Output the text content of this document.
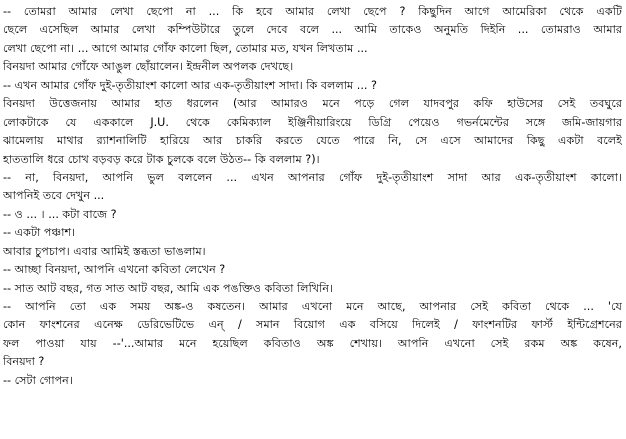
-- তোমরা আমার লেখা ছেপো না ... কি হবে আমার লেখা ছেপে ? কিছুদিন আগে আমেরিকা থেকে একটি
ছেলে এসেছিল আমার লেখা কম্পিউটারে তুলে দেবে বলে ... আমি তাকেও অনুমতি দিইনি ... তোমরাও আমার
লেখা ছেপো না। ... আগে আমার গোঁফ কালো ছিল, তোমার মত, যখন লিখতাম ...
বিনয়দা আমার গোঁফে আঙুল ছোঁয়ালেন। ইন্দ্রনীল অপলক দেখছে।
-- এখন আমার গোঁফ দুই-তৃতীয়াংশ কালো আর এক-তৃতীয়াংশ সাদা। কি বললাম ... ?
বিনয়দা উত্তেজনায় আমার হাত ধরলেন (আর আমারও মনে পড়ে গেল যাদবপুর কফি হাউসের সেই তবঘুরে
লোকটাকে যে এককালে J.U. থেকে কেমিক্যাল ইঞ্জিনীয়ারিংয়ে ডিগ্রি পেয়েও গভর্নমেন্টের সঙ্গে জমি-জায়গার
ঝামেলায় মাথার র‍্যাশনালিটি হারিয়ে আর চাকরি করতে যেতে পারে নি, সে এসে আমাদের কিছু একটা বলেই
হাততালি ধরে চোখ বড়বড় করে টাক চুলকে বলে উঠত-- কি বললাম ?)।
-- না, বিনয়দা, আপনি ভুল বললেন ... এখন আপনার গোঁফ দুই-তৃতীয়াংশ সাদা আর এক-তৃতীয়াংশ কালো।
আপনিই তবে দেখুন ...
-- ও ... । ... কটা বাজে ?
-- একটা পঞ্চাশ।
আবার চুপচাপ। এবার আমিই স্তব্ধতা ভাঙলাম।
-- আচ্ছা বিনয়দা, আপনি এখনো কবিতা লেখেন ?
-- সাত আট বছর, গত সাত আট বছর, আমি এক পঙক্তিও কবিতা লিখিনি।
-- আপনি তো এক সময় অঙ্ক-ও কষতেন। আমার এখনো মনে আছে, আপনার সেই কবিতা থেকে ... 'যে
কোন ফাংশনের এনেক্ষ ডেরিভেটিভে এন্ / সমান বিয়োগ এক বসিয়ে দিলেই / ফাংশনটির ফার্স্ট ইন্টিগ্রেশনের
ফল পাওয়া যায় --'...আমার মনে হয়েছিল কবিতাও অঙ্ক শেখায়। আপনি এখনো সেই রকম অঙ্ক কষেন,
বিনয়দা ?
-- সেটা গোপন।
